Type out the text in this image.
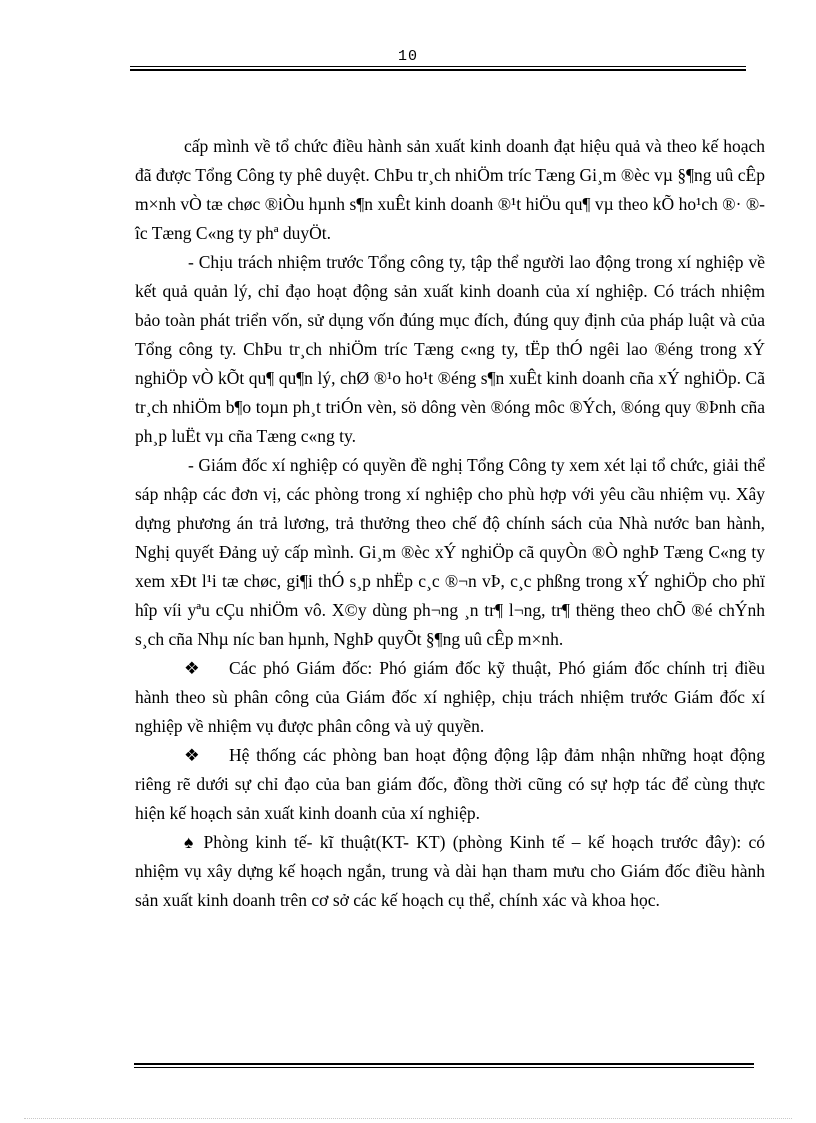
10

cấp mình về tổ chức điều hành sản xuất kinh doanh đạt hiệu quả và theo kế hoạch đã được Tổng Công ty phê duyệt. ChÞu tr¸ch nhiÖm tríc Tæng Gi¸m ®èc vµ §¶ng uû cÊp m×nh vÒ tæ chøc ®iÒu hµnh s¶n xuÊt kinh doanh ®¹t hiÖu qu¶ vµ theo kÕ ho¹ch ®· ®îc Tæng C«ng ty phª duyÖt.

- Chịu trách nhiệm trước Tổng công ty, tập thể người lao động trong xí nghiệp về kết quả quản lý, chỉ đạo hoạt động sản xuất kinh doanh của xí nghiệp. Có trách nhiệm bảo toàn phát triển vốn, sử dụng vốn đúng mục đích, đúng quy định của pháp luật và của Tổng công ty. ChÞu tr¸ch nhiÖm tríc Tæng c«ng ty, tËp thÓ ngêi lao ®éng trong xÝ nghiÖp vÒ kÕt qu¶ qu¶n lý, chØ ®¹o ho¹t ®éng s¶n xuÊt kinh doanh cña xÝ nghiÖp. Cã tr¸ch nhiÖm b¶o toµn ph¸t triÓn vèn, sö dông vèn ®óng môc ®Ých, ®óng quy ®Þnh cña ph¸p luËt vµ cña Tæng c«ng ty.

- Giám đốc xí nghiệp có quyền đề nghị Tổng Công ty xem xét lại tổ chức, giải thể sáp nhập các đơn vị, các phòng trong xí nghiệp cho phù hợp với yêu cầu nhiệm vụ. Xây dựng phương án trả lương, trả thưởng theo chế độ chính sách của Nhà nước ban hành, Nghị quyết Đảng uỷ cấp mình. Gi¸m ®èc xÝ nghiÖp cã quyÒn ®Ò nghÞ Tæng C«ng ty xem xÐt l¹i tæ chøc, gi¶i thÓ s¸p nhËp c¸c ®¬n vÞ, c¸c phßng trong xÝ nghiÖp cho phï hîp víi yªu cÇu nhiÖm vô. X©y dùng ph¬ng ¸n tr¶ l¬ng, tr¶ thëng theo chÕ ®é chÝnh s¸ch cña Nhµ níc ban hµnh, NghÞ quyÕt §¶ng uû cÊp m×nh.

❖ Các phó Giám đốc: Phó giám đốc kỹ thuật, Phó giám đốc chính trị điều hành theo sù phân công của Giám đốc xí nghiệp, chịu trách nhiệm trước Giám đốc xí nghiệp về nhiệm vụ được phân công và uỷ quyền.

❖ Hệ thống các phòng ban hoạt động động lập đảm nhận những hoạt động riêng rẽ dưới sự chỉ đạo của ban giám đốc, đồng thời cũng có sự hợp tác để cùng thực hiện kế hoạch sản xuất kinh doanh của xí nghiệp.

♠ Phòng kinh tế- kĩ thuật(KT- KT) (phòng Kinh tế – kế hoạch trước đây): có nhiệm vụ xây dựng kế hoạch ngắn, trung và dài hạn tham mưu cho Giám đốc điều hành sản xuất kinh doanh trên cơ sở các kế hoạch cụ thể, chính xác và khoa học.
